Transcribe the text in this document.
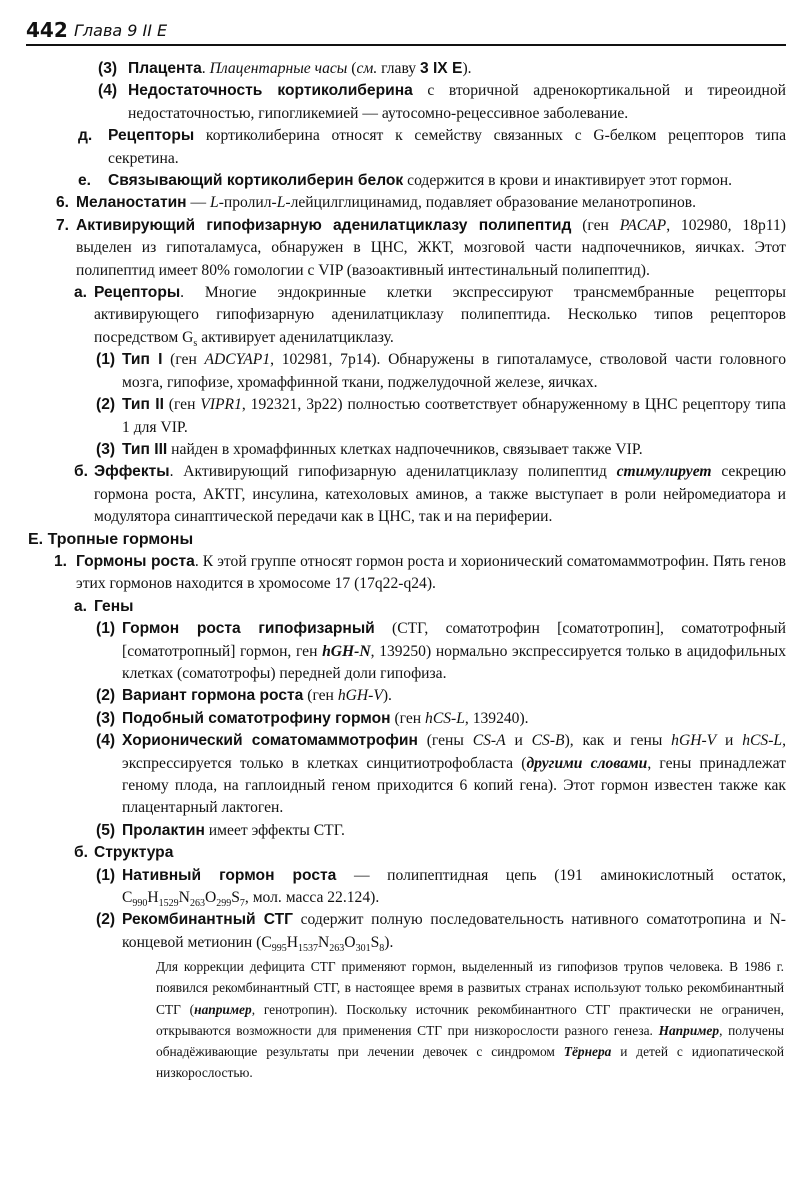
442 Глава 9 II Е
(3) Плацента. Плацентарные часы (см. главу 3 IX E).
(4) Недостаточность кортиколиберина с вторичной адренокортикальной и тиреоидной недостаточностью, гипогликемией — аутосомно-рецессивное заболевание.
д. Рецепторы кортиколиберина относят к семейству связанных с G-белком рецепторов типа секретина.
е. Связывающий кортиколиберин белок содержится в крови и инактивирует этот гормон.
6. Меланостатин — L-пролил-L-лейцилглицинамид, подавляет образование меланотропинов.
7. Активирующий гипофизарную аденилатциклазу полипептид (ген PACAP, 102980, 18p11) выделен из гипоталамуса, обнаружен в ЦНС, ЖКТ, мозговой части надпочечников, яичках. Этот полипептид имеет 80% гомологии с VIP (вазоактивный интестинальный полипептид).
а. Рецепторы. Многие эндокринные клетки экспрессируют трансмембранные рецепторы активирующего гипофизарную аденилатциклазу полипептида. Несколько типов рецепторов посредством $G_s$ активирует аденилатциклазу.
(1) Тип I (ген ADCYAP1, 102981, 7p14). Обнаружены в гипоталамусе, стволовой части головного мозга, гипофизе, хромаффинной ткани, поджелудочной железе, яичках.
(2) Тип II (ген VIPR1, 192321, 3p22) полностью соответствует обнаруженному в ЦНС рецептору типа 1 для VIP.
(3) Тип III найден в хромаффинных клетках надпочечников, связывает также VIP.
б. Эффекты. Активирующий гипофизарную аденилатциклазу полипептид стимулирует секрецию гормона роста, АКТГ, инсулина, катехоловых аминов, а также выступает в роли нейромедиатора и модулятора синаптической передачи как в ЦНС, так и на периферии.
Е. Тропные гормоны
1. Гормоны роста. К этой группе относят гормон роста и хорионический соматомаммотрофин. Пять генов этих гормонов находится в хромосоме 17 (17q22-q24).
а. Гены
(1) Гормон роста гипофизарный (СТГ, соматотрофин [соматотропин], соматотрофный [соматотропный] гормон, ген hGH-N, 139250) нормально экспрессируется только в ацидофильных клетках (соматотрофы) передней доли гипофиза.
(2) Вариант гормона роста (ген hGH-V).
(3) Подобный соматотрофину гормон (ген hCS-L, 139240).
(4) Хорионический соматомаммотрофин (гены CS-A и CS-B), как и гены hGH-V и hCS-L, экспрессируется только в клетках синцитиотрофобласта (другими словами, гены принадлежат геному плода, на гаплоидный геном приходится 6 копий гена). Этот гормон известен также как плацентарный лактоген.
(5) Пролактин имеет эффекты СТГ.
б. Структура
(1) Нативный гормон роста — полипептидная цепь (191 аминокислотный остаток, $C_{990}H_{1529}N_{263}O_{299}S_7$, мол. масса 22.124).
(2) Рекомбинантный СТГ содержит полную последовательность нативного соматотропина и N-концевой метионин $(C_{995}H_{1537}N_{263}O_{301}S_8)$.
Для коррекции дефицита СТГ применяют гормон, выделенный из гипофизов трупов человека. В 1986 г. появился рекомбинантный СТГ, в настоящее время в развитых странах используют только рекомбинантный СТГ (например, генотропин). Поскольку источник рекомбинантного СТГ практически не ограничен, открываются возможности для применения СТГ при низкорослости разного генеза. Например, получены обнадёживающие результаты при лечении девочек с синдромом Тёрнера и детей с идиопатической низкорослостью.
